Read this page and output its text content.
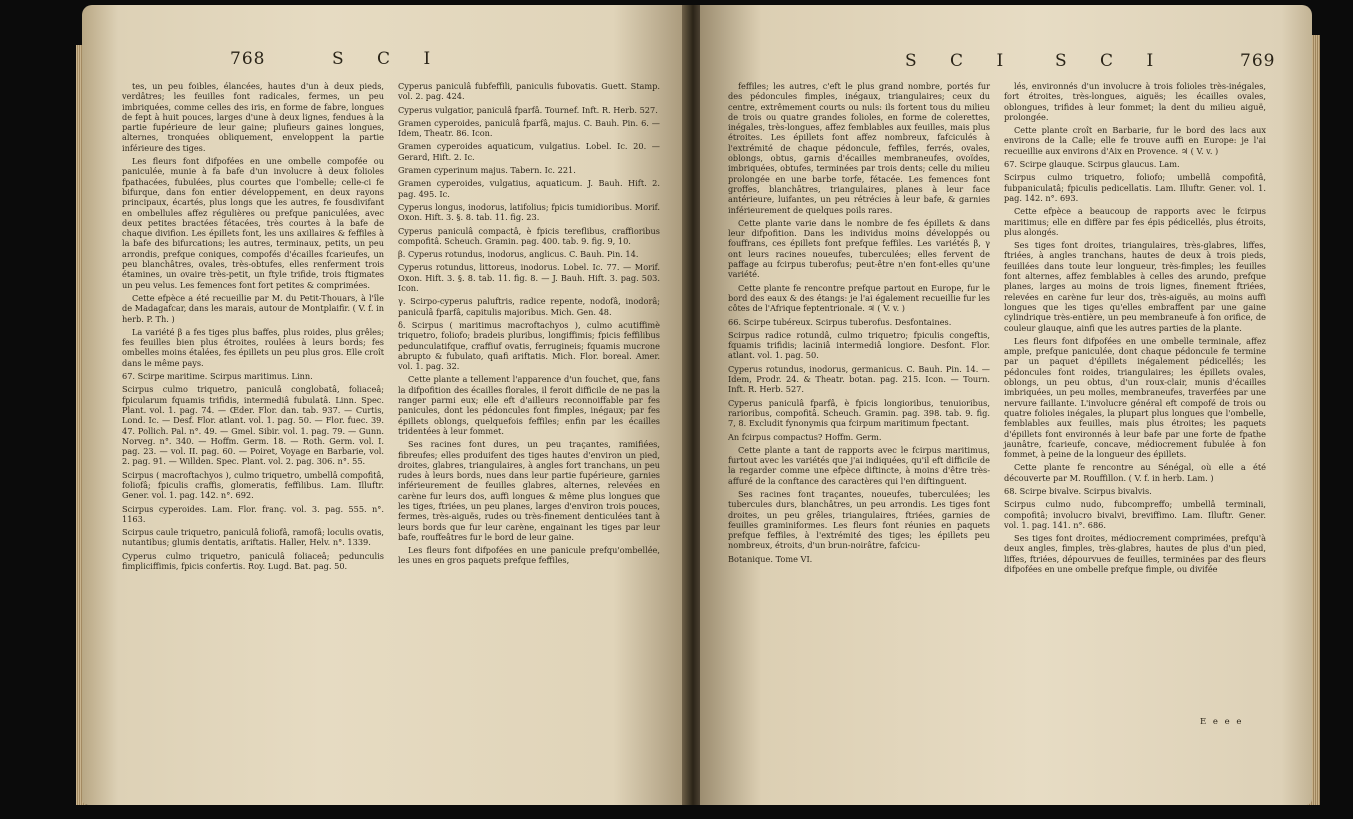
768	S C I

tes, un peu foibles, élancées, hautes d'un à deux pieds, verdâtres; les feuilles font radicales, fermes, un peu imbriquées, comme celles des iris, en forme de fabre, longues de fept à huit pouces, larges d'une à deux lignes, fendues à la partie fupérieure de leur gaine; plufieurs gaines longues, alternes, tronquées obliquement, enveloppent la partie inférieure des tiges.

Les fleurs font difpofées en une ombelle compofée ou paniculée, munie à fa bafe d'un involucre à deux folioles fpathacées, fubulées, plus courtes que l'ombelle; celle-ci fe bifurque, dans fon entier développement, en deux rayons principaux, écartés, plus longs que les autres, fe fousdivifant en ombellules affez régulières ou prefque paniculées, avec deux petites bractées fétacées, très courtes à la bafe de chaque divifion. Les épillets font, les uns axillaires & feffiles à la bafe des bifurcations; les autres, terminaux, petits, un peu arrondis, prefque coniques, compofés d'écailles fcarieufes, un peu blanchâtres, ovales, très-obtufes, elles renferment trois étamines, un ovaire très-petit, un ftyle trifide, trois ftigmates un peu velus. Les femences font fort petites & comprimées.

Cette efpèce a été recueillie par M. du Petit-Thouars, à l'île de Madagafcar, dans les marais, autour de Montplaifir. ( V. f. in herb. P. Th. )

La variété β a fes tiges plus baffes, plus roides, plus grêles; fes feuilles bien plus étroites, roulées à leurs bords; fes ombelles moins étalées, fes épillets un peu plus gros. Elle croît dans le même pays.

67. Scirpe maritime. Scirpus maritimus. Linn.

Scirpus culmo triquetro, paniculâ conglobatâ, foliaceâ; fpicularum fquamis trifidis, intermediâ fubulatâ. Linn. Spec. Plant. vol. 1. pag. 74. — Œder. Flor. dan. tab. 937. — Curtis, Lond. Ic. — Desf. Flor. atlant. vol. 1. pag. 50. — Flor. fuec. 39. 47. Pollich. Pal. n°. 49. — Gmel. Sibir. vol. 1. pag. 79. — Gunn. Norveg. n°. 340. — Hoffm. Germ. 18. — Roth. Germ. vol. I. pag. 23. — vol. II. pag. 60. — Poiret, Voyage en Barbarie, vol. 2. pag. 91. — Willden. Spec. Plant. vol. 2. pag. 306. n°. 55.

Scirpus ( macroftachyos ), culmo triquetro, umbellâ compofitâ, foliofâ; fpiculis craffis, glomeratis, feffilibus. Lam. Illuftr. Gener. vol. 1. pag. 142. n°. 692.

Scirpus cyperoides. Lam. Flor. franç. vol. 3. pag. 555. n°. 1163.

Scirpus caule triquetro, paniculâ foliofâ, ramofâ; loculis ovatis, nutantibus; glumis dentatis, ariftatis. Haller, Helv. n°. 1339.

Cyperus culmo triquetro, paniculâ foliaceâ; pedunculis fimpliciffimis, fpicis confertis. Roy. Lugd. Bat. pag. 50.

Cyperus paniculâ fubfeffili, paniculis fubovatis. Guett. Stamp. vol. 2. pag. 424.

Cyperus vulgatior, paniculâ fparfâ. Tournef. Inft. R. Herb. 527.

Gramen cyperoides, paniculâ fparfâ, majus. C. Bauh. Pin. 6. — Idem, Theatr. 86. Icon.

Gramen cyperoides aquaticum, vulgatius. Lobel. Ic. 20. — Gerard, Hift. 2. Ic.

Gramen cyperinum majus. Tabern. Ic. 221.

Gramen cyperoides, vulgatius, aquaticum. J. Bauh. Hift. 2. pag. 495. Ic.

Cyperus longus, inodorus, latifolius; fpicis tumidioribus. Morif. Oxon. Hift. 3. §. 8. tab. 11. fig. 23.

Cyperus paniculâ compactâ, è fpicis tereflibus, craffioribus compofitâ. Scheuch. Gramin. pag. 400. tab. 9. fig. 9, 10.

β. Cyperus rotundus, inodorus, anglicus. C. Bauh. Pin. 14.

Cyperus rotundus, littoreus, inodorus. Lobel. Ic. 77. — Morif. Oxon. Hift. 3. §. 8. tab. 11. fig. 8. — J. Bauh. Hift. 3. pag. 503. Icon.

γ. Scirpo-cyperus paluftris, radice repente, nodofâ, inodorâ; paniculâ fparfâ, capitulis majoribus. Mich. Gen. 48.

δ. Scirpus ( maritimus macroftachyos ), culmo acutiffimè triquetro, foliofo; bradeis pluribus, longiffimis; fpicis feffilibus pedunculatifque, craffiuf ovatis, ferrugineis; fquamis mucrone abrupto & fubulato, quafi ariftatis. Mich. Flor. boreal. Amer. vol. 1. pag. 32.

Cette plante a tellement l'apparence d'un fouchet, que, fans la difpofition des écailles florales, il feroit difficile de ne pas la ranger parmi eux; elle eft d'ailleurs reconnoiffable par fes panicules, dont les pédoncules font fimples, inégaux; par fes épillets oblongs, quelquefois feffiles; enfin par les écailles tridentées à leur fommet.

Ses racines font dures, un peu traçantes, ramifiées, fibreufes; elles produifent des tiges hautes d'environ un pied, droites, glabres, triangulaires, à angles fort tranchans, un peu rudes à leurs bords, nues dans leur partie fupérieure, garnies inférieurement de feuilles glabres, alternes, relevées en carène fur leurs dos, auffi longues & même plus longues que les tiges, ftriées, un peu planes, larges d'environ trois pouces, fermes, très-aiguës, rudes ou très-finement denticulées tant à leurs bords que fur leur carène, engainant les tiges par leur bafe, rouffeâtres fur le bord de leur gaine.

Les fleurs font difpofées en une panicule prefqu'ombellée, les unes en gros paquets prefque feffiles,

S C I S C I	769

feffiles; les autres, c'eft le plus grand nombre, portés fur des pédoncules fimples, inégaux, triangulaires; ceux du centre, extrêmement courts ou nuls: ils fortent tous du milieu de trois ou quatre grandes folioles, en forme de colerettes, inégales, très-longues, affez femblables aux feuilles, mais plus étroites. Les épillets font affez nombreux, fafciculés à l'extrémité de chaque pédoncule, feffiles, ferrés, ovales, oblongs, obtus, garnis d'écailles membraneufes, ovoïdes, imbriquées, obtufes, terminées par trois dents; celle du milieu prolongée en une barbe torfe, fétacée. Les femences font groffes, blanchâtres, triangulaires, planes à leur face antérieure, luifantes, un peu rétrécies à leur bafe, & garnies inférieurement de quelques poils rares.

Cette plante varie dans le nombre de fes épillets & dans leur difpofition. Dans les individus moins développés ou fouffrans, ces épillets font prefque feffiles. Les variétés β, γ ont leurs racines noueufes, tuberculées; elles fervent de paffage au fcirpus tuberofus; peut-être n'en font-elles qu'une variété.

Cette plante fe rencontre prefque partout en Europe, fur le bord des eaux & des étangs: je l'ai également recueillie fur les côtes de l'Afrique feptentrionale. ♃ ( V. v. )

66. Scirpe tubéreux. Scirpus tuberofus. Desfontaines.

Scirpus radice rotundâ, culmo triquetro; fpiculis congeftis, fquamis trifidis; laciniâ intermediâ longiore. Desfont. Flor. atlant. vol. 1. pag. 50.

Cyperus rotundus, inodorus, germanicus. C. Bauh. Pin. 14. — Idem, Prodr. 24. & Theatr. botan. pag. 215. Icon. — Tourn. Inft. R. Herb. 527.

Cyperus paniculâ fparfâ, è fpicis longioribus, tenuioribus, rarioribus, compofitâ. Scheuch. Gramin. pag. 398. tab. 9. fig. 7, 8. Excludit fynonymis qua fcirpum maritimum fpectant.

An fcirpus compactus? Hoffm. Germ.

Cette plante a tant de rapports avec le fcirpus maritimus, furtout avec les variétés que j'ai indiquées, qu'il eft difficile de la regarder comme une efpèce diftincte, à moins d'être très-affuré de la conftance des caractères qui l'en diftinguent.

Ses racines font traçantes, noueufes, tuberculées; les tubercules durs, blanchâtres, un peu arrondis. Les tiges font droites, un peu grêles, triangulaires, ftriées, garnies de feuilles graminiformes. Les fleurs font réunies en paquets prefque feffiles, à l'extrémité des tiges; les épillets peu nombreux, étroits, d'un brun-noirâtre, fafcicu-

Botanique. Tome VI.

lés, environnés d'un involucre à trois folioles très-inégales, fort étroites, très-longues, aiguës; les écailles ovales, oblongues, trifides à leur fommet; la dent du milieu aiguë, prolongée.

Cette plante croît en Barbarie, fur le bord des lacs aux environs de la Calle; elle fe trouve auffi en Europe: je l'ai recueillie aux environs d'Aix en Provence. ♃ ( V. v. )

67. Scirpe glauque. Scirpus glaucus. Lam.

Scirpus culmo triquetro, foliofo; umbellâ compofitâ, fubpaniculatâ; fpiculis pedicellatis. Lam. Illuftr. Gener. vol. 1. pag. 142. n°. 693.

Cette efpèce a beaucoup de rapports avec le fcirpus maritimus; elle en diffère par fes épis pédicellés, plus étroits, plus alongés.

Ses tiges font droites, triangulaires, très-glabres, liffes, ftriées, à angles tranchans, hautes de deux à trois pieds, feuillées dans toute leur longueur, très-fimples; les feuilles font alternes, affez femblables à celles des arundo, prefque planes, larges au moins de trois lignes, finement ftriées, relevées en carène fur leur dos, très-aiguës, au moins auffi longues que les tiges qu'elles embraffent par une gaine cylindrique très-entière, un peu membraneufe à fon orifice, de couleur glauque, ainfi que les autres parties de la plante.

Les fleurs font difpofées en une ombelle terminale, affez ample, prefque paniculée, dont chaque pédoncule fe termine par un paquet d'épillets inégalement pédicellés; les pédoncules font roides, triangulaires; les épillets ovales, oblongs, un peu obtus, d'un roux-clair, munis d'écailles imbriquées, un peu molles, membraneufes, traverfées par une nervure faillante. L'involucre général eft compofé de trois ou quatre folioles inégales, la plupart plus longues que l'ombelle, femblables aux feuilles, mais plus étroites; les paquets d'épillets font environnés à leur bafe par une forte de fpathe jaunâtre, fcarieufe, concave, médiocrement fubulée à fon fommet, à peine de la longueur des épillets.

Cette plante fe rencontre au Sénégal, où elle a été découverte par M. Rouffillon. ( V. f. in herb. Lam. )

68. Scirpe bivalve. Scirpus bivalvis.

Scirpus culmo nudo, fubcompreffo; umbellâ terminali, compofitâ; involucro bivalvi, breviffimo. Lam. Illuftr. Gener. vol. 1. pag. 141. n°. 686.

Ses tiges font droites, médiocrement comprimées, prefqu'à deux angles, fimples, très-glabres, hautes de plus d'un pied, liffes, ftriées, dépourvues de feuilles, terminées par des fleurs difpofées en une ombelle prefque fimple, ou divifée

E e e e
